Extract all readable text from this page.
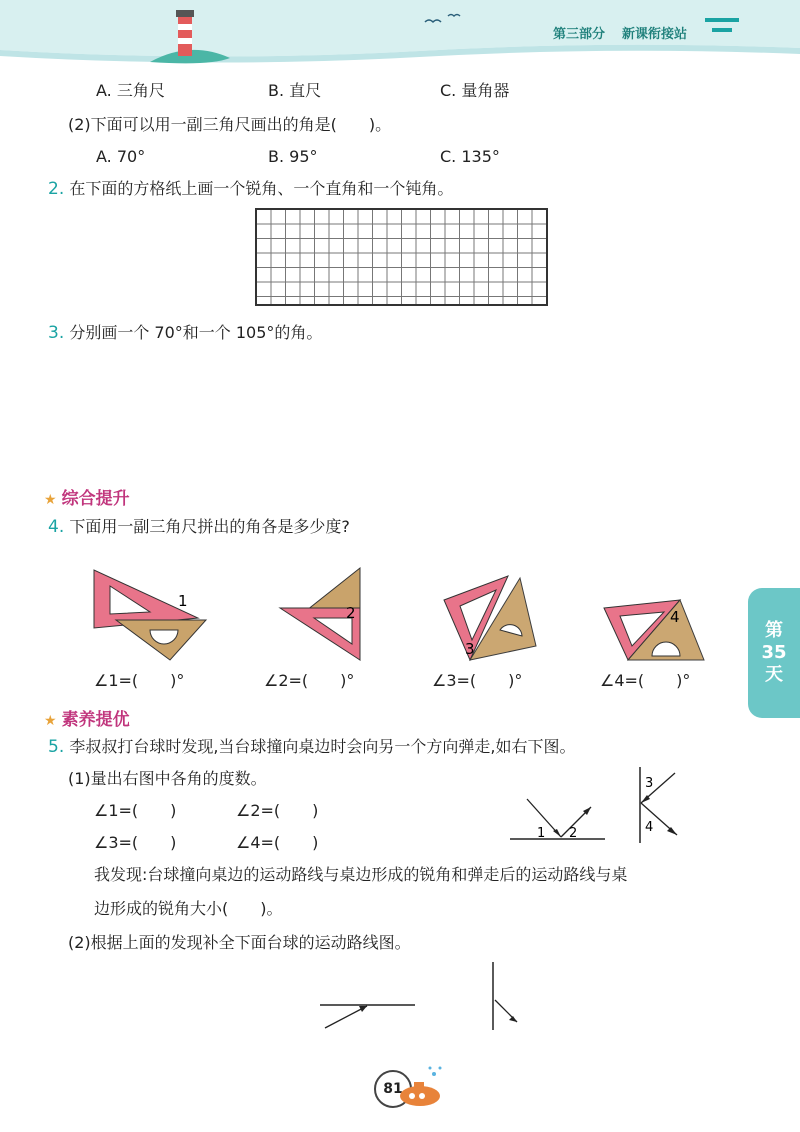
第三部分 新课衔接站
A. 三角尺	B. 直尺	C. 量角器
(2)下面可以用一副三角尺画出的角是(　　)。
A. 70°	B. 95°	C. 135°
2. 在下面的方格纸上画一个锐角、一个直角和一个钝角。
3. 分别画一个 70°和一个 105°的角。
★ 综合提升
4. 下面用一副三角尺拼出的角各是多少度?
1
2
3
4
∠1=(　　)°	∠2=(　　)°	∠3=(　　)°	∠4=(　　)°
★ 素养提优
5. 李叔叔打台球时发现,当台球撞向桌边时会向另一个方向弹走,如右下图。
(1)量出右图中各角的度数。
∠1=(　　)	∠2=(　　)
∠3=(　　)	∠4=(　　)
我发现:台球撞向桌边的运动路线与桌边形成的锐角和弹走后的运动路线与桌
边形成的锐角大小(　　)。
(2)根据上面的发现补全下面台球的运动路线图。
1 2
3
4
第
35
天
81
